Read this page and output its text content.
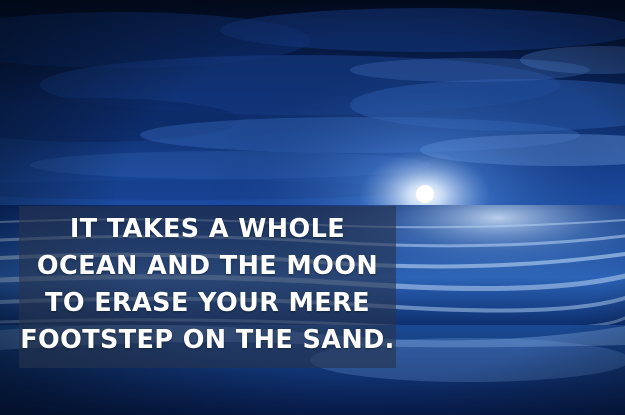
IT TAKES A WHOLE
OCEAN AND THE MOON
TO ERASE YOUR MERE
FOOTSTEP ON THE SAND.
